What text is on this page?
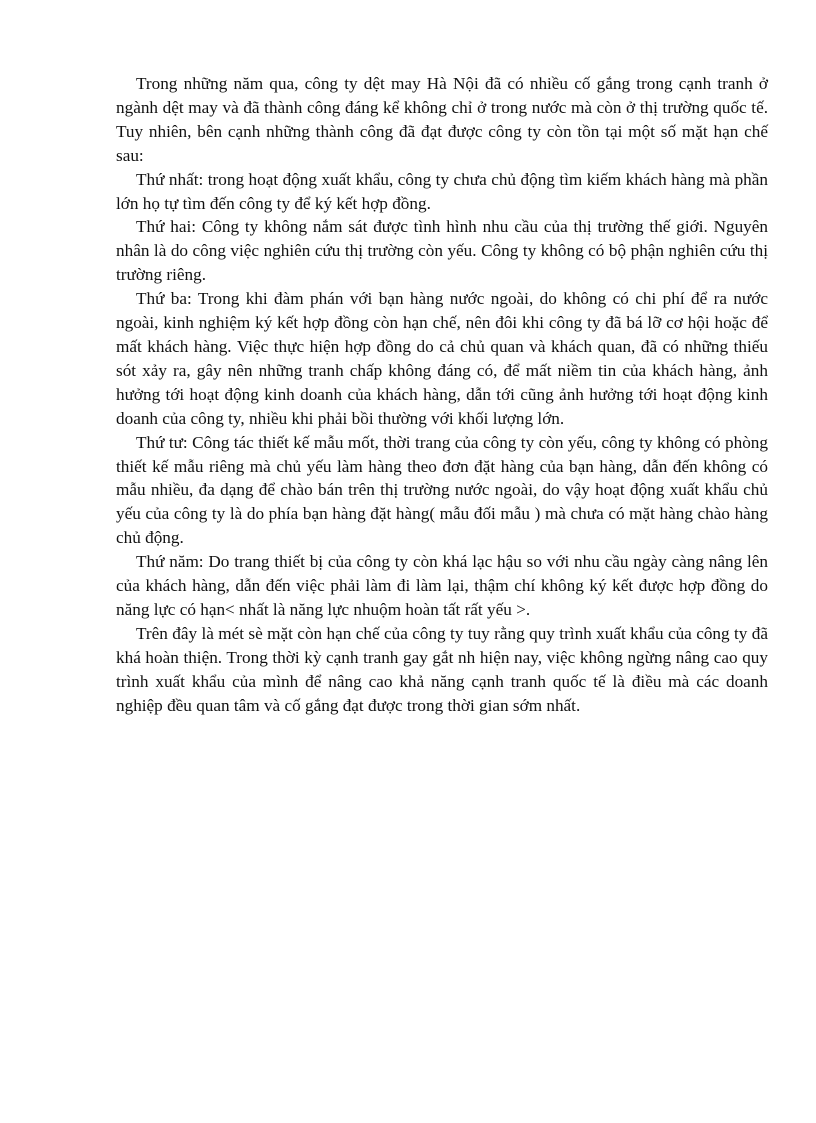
Trong những năm qua, công ty dệt may Hà Nội đã có nhiều cố gắng trong cạnh tranh ở ngành dệt may và đã thành công đáng kể không chỉ ở trong nước mà còn ở thị trường quốc tế. Tuy nhiên, bên cạnh những thành công đã đạt được công ty còn tồn tại một số mặt hạn chế sau:

Thứ nhất: trong hoạt động xuất khẩu, công ty chưa chủ động tìm kiếm khách hàng mà phần lớn họ tự tìm đến công ty để ký kết hợp đồng.

Thứ hai: Công ty không nắm sát được tình hình nhu cầu của thị trường thế giới. Nguyên nhân là do công việc nghiên cứu thị trường còn yếu. Công ty không có bộ phận nghiên cứu thị trường riêng.

Thứ ba: Trong khi đàm phán với bạn hàng nước ngoài, do không có chi phí để ra nước ngoài, kinh nghiệm ký kết hợp đồng còn hạn chế, nên đôi khi công ty đã bá lỡ cơ hội hoặc để mất khách hàng. Việc thực hiện hợp đồng do cả chủ quan và khách quan, đã có những thiếu sót xảy ra, gây nên những tranh chấp không đáng có, để mất niềm tin của khách hàng, ảnh hưởng tới hoạt động kinh doanh của khách hàng, dẫn tới cũng ảnh hưởng tới hoạt động kinh doanh của công ty, nhiều khi phải bồi thường với khối lượng lớn.

Thứ tư: Công tác thiết kế mẫu mốt, thời trang của công ty còn yếu, công ty không có phòng thiết kế mẫu riêng mà chủ yếu làm hàng theo đơn đặt hàng của bạn hàng, dẫn đến không có mẫu nhiều, đa dạng để chào bán trên thị trường nước ngoài, do vậy hoạt động xuất khẩu chủ yếu của công ty là do phía bạn hàng đặt hàng( mẫu đối mẫu ) mà chưa có mặt hàng chào hàng chủ động.

Thứ năm: Do trang thiết bị của công ty còn khá lạc hậu so với nhu cầu ngày càng nâng lên của khách hàng, dẫn đến việc phải làm đi làm lại, thậm chí không ký kết được hợp đồng do năng lực có hạn< nhất là năng lực nhuộm hoàn tất rất yếu >.

Trên đây là mét sè mặt còn hạn chế của công ty tuy rằng quy trình xuất khẩu của công ty đã khá hoàn thiện. Trong thời kỳ cạnh tranh gay gắt nh hiện nay, việc không ngừng nâng cao quy trình xuất khẩu của mình để nâng cao khả năng cạnh tranh quốc tế là điều mà các doanh nghiệp đều quan tâm và cố gắng đạt được trong thời gian sớm nhất.
